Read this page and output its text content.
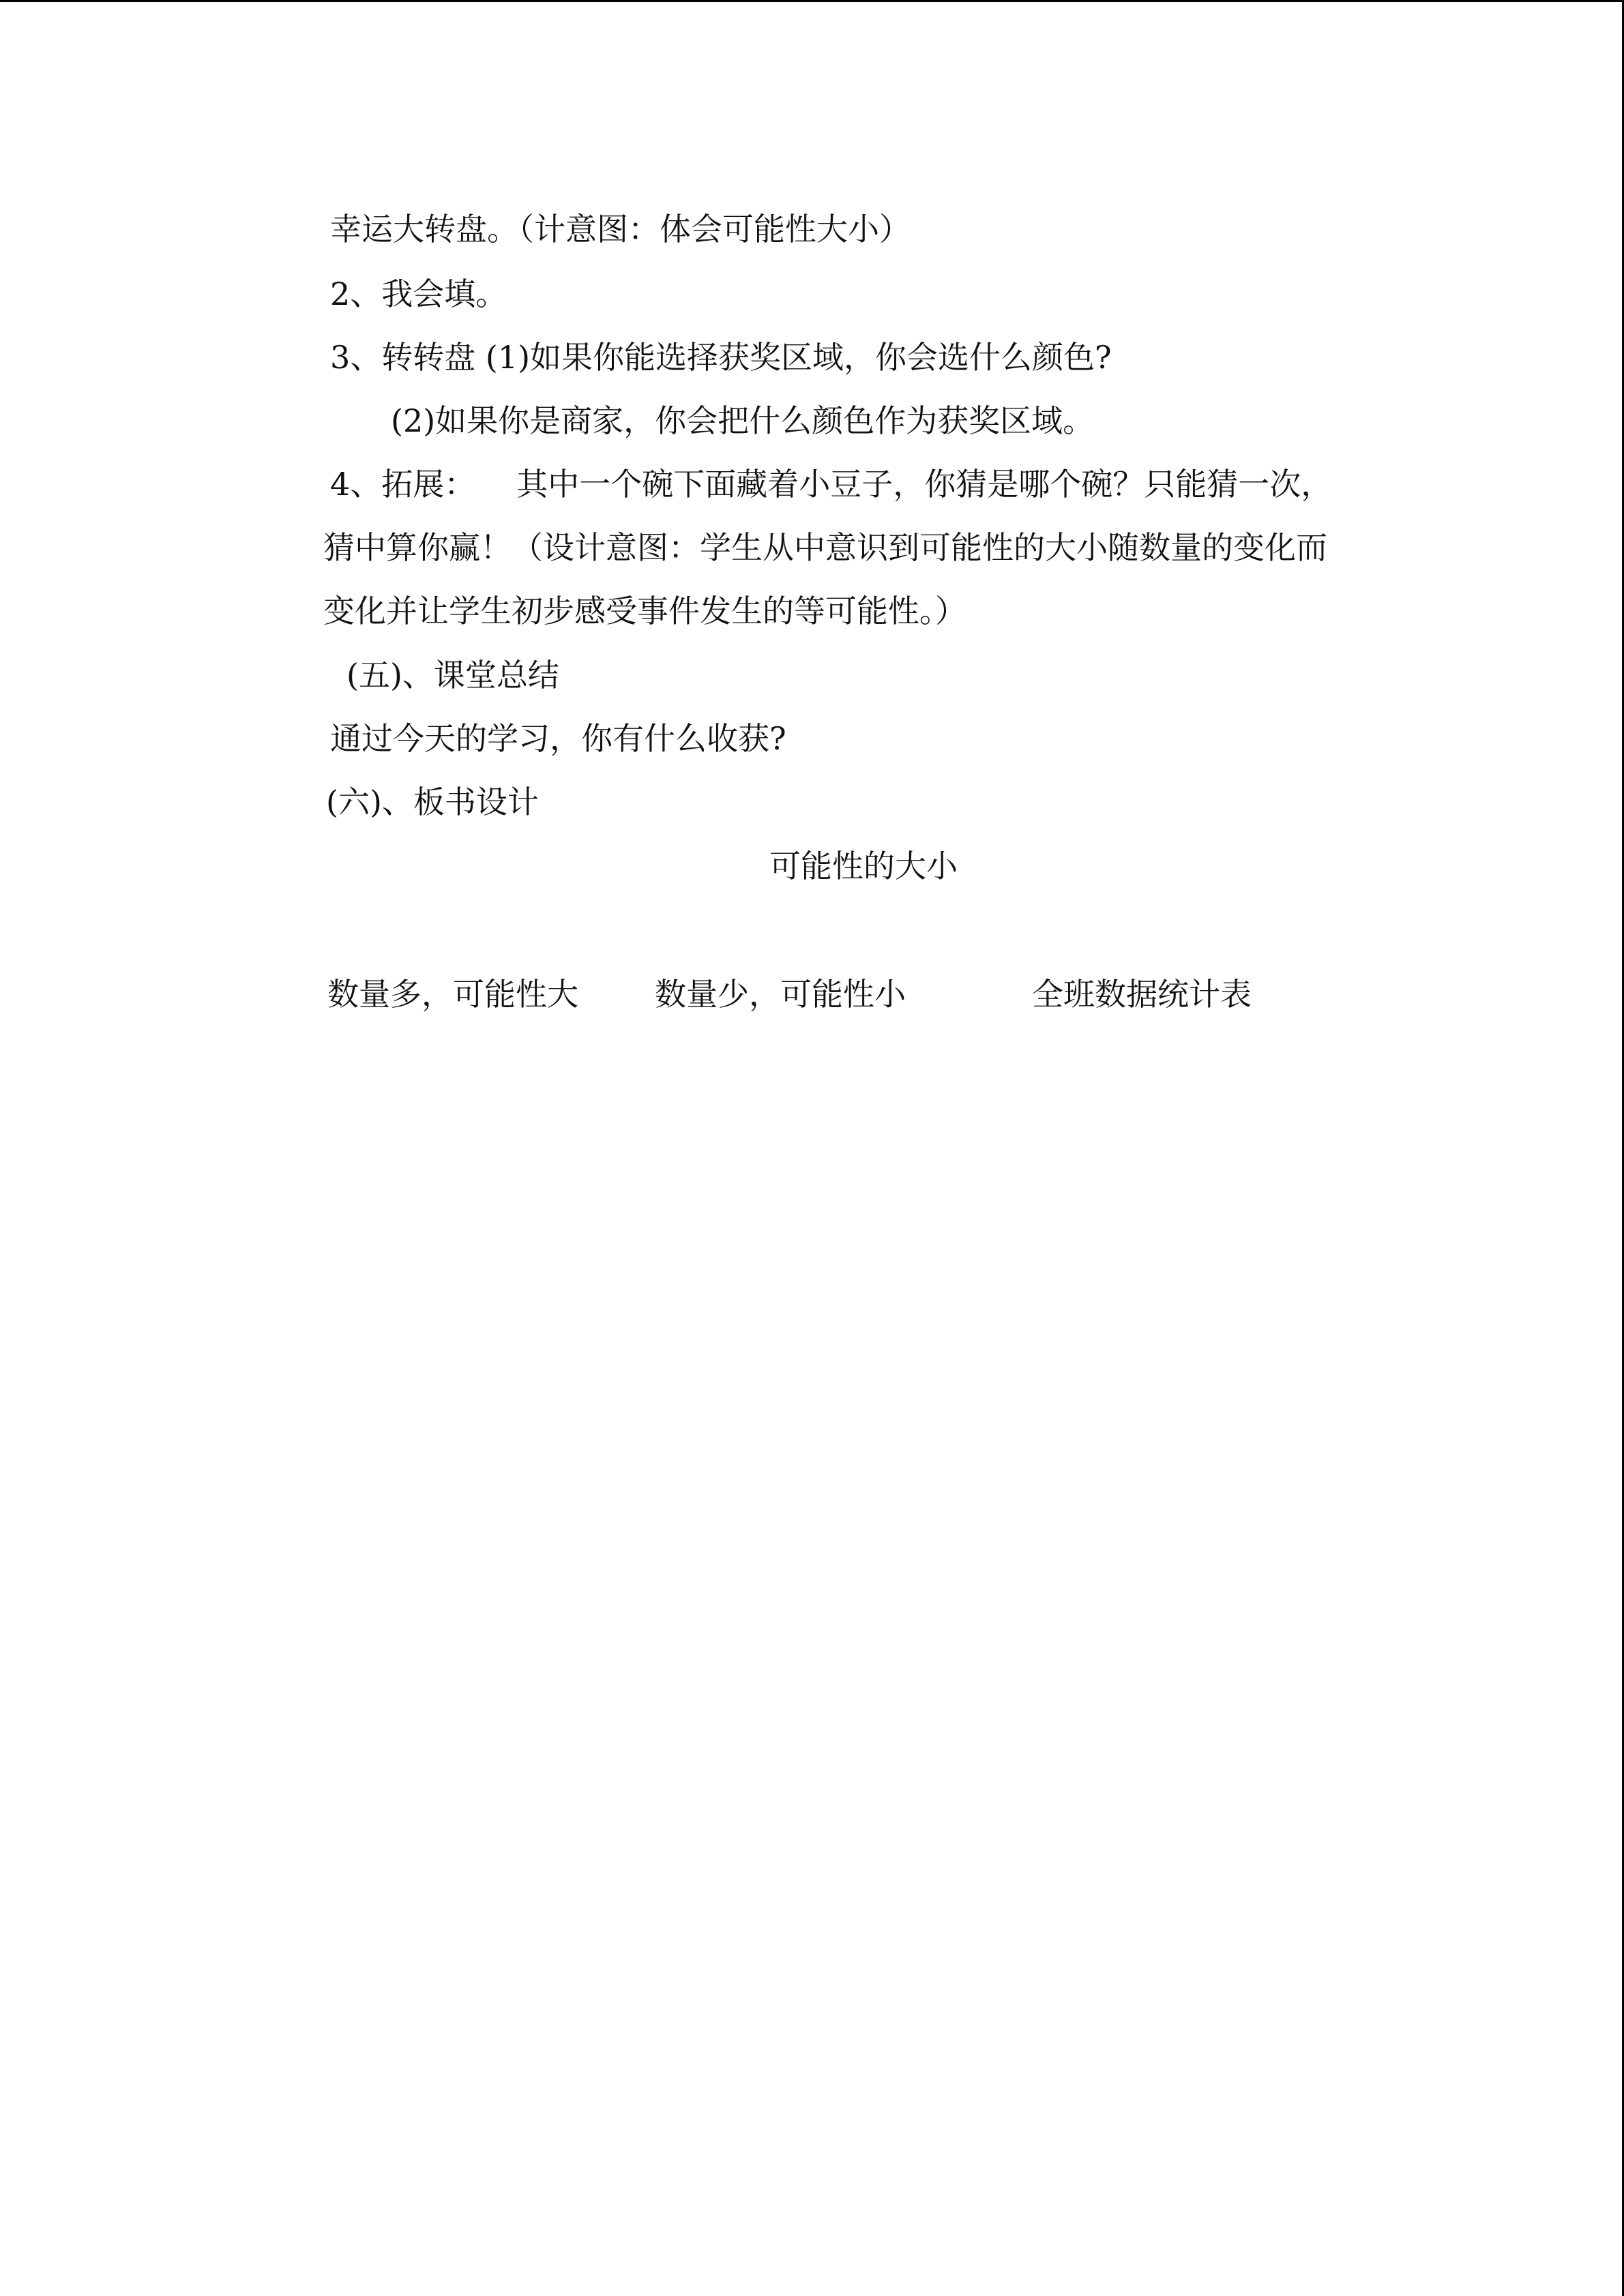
幸运大转盘。（计意图：体会可能性大小）
2、我会填。
3、转转盘 (1)如果你能选择获奖区域，你会选什么颜色?
(2)如果你是商家，你会把什么颜色作为获奖区域。
4、拓展： 其中一个碗下面藏着小豆子，你猜是哪个碗？只能猜一次，
猜中算你赢！（设计意图：学生从中意识到可能性的大小随数量的变化而
变化并让学生初步感受事件发生的等可能性。）
(五)、课堂总结
通过今天的学习，你有什么收获?
(六)、板书设计
可能性的大小
数量多，可能性大 数量少，可能性小	全班数据统计表
